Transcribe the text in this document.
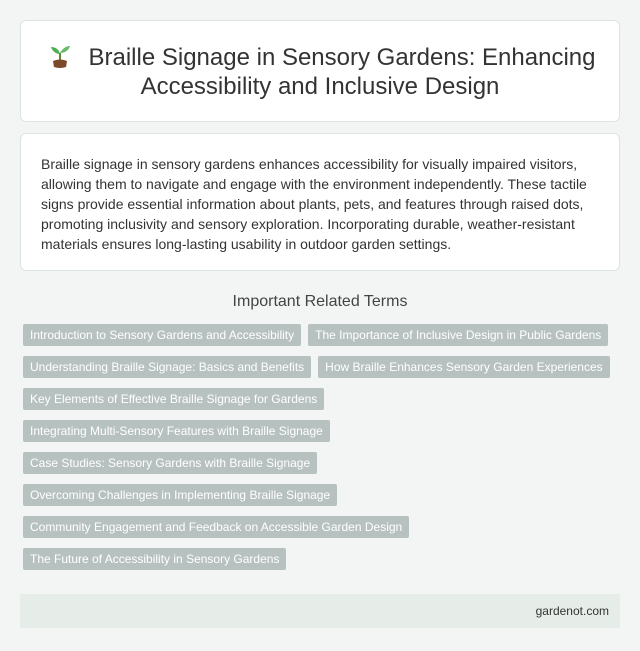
Braille Signage in Sensory Gardens: Enhancing Accessibility and Inclusive Design

Braille signage in sensory gardens enhances accessibility for visually impaired visitors, allowing them to navigate and engage with the environment independently. These tactile signs provide essential information about plants, pets, and features through raised dots, promoting inclusivity and sensory exploration. Incorporating durable, weather-resistant materials ensures long-lasting usability in outdoor garden settings.

Important Related Terms
Introduction to Sensory Gardens and Accessibility	The Importance of Inclusive Design in Public Gardens
Understanding Braille Signage: Basics and Benefits	How Braille Enhances Sensory Garden Experiences
Key Elements of Effective Braille Signage for Gardens
Integrating Multi-Sensory Features with Braille Signage
Case Studies: Sensory Gardens with Braille Signage
Overcoming Challenges in Implementing Braille Signage
Community Engagement and Feedback on Accessible Garden Design
The Future of Accessibility in Sensory Gardens
gardenot.com
